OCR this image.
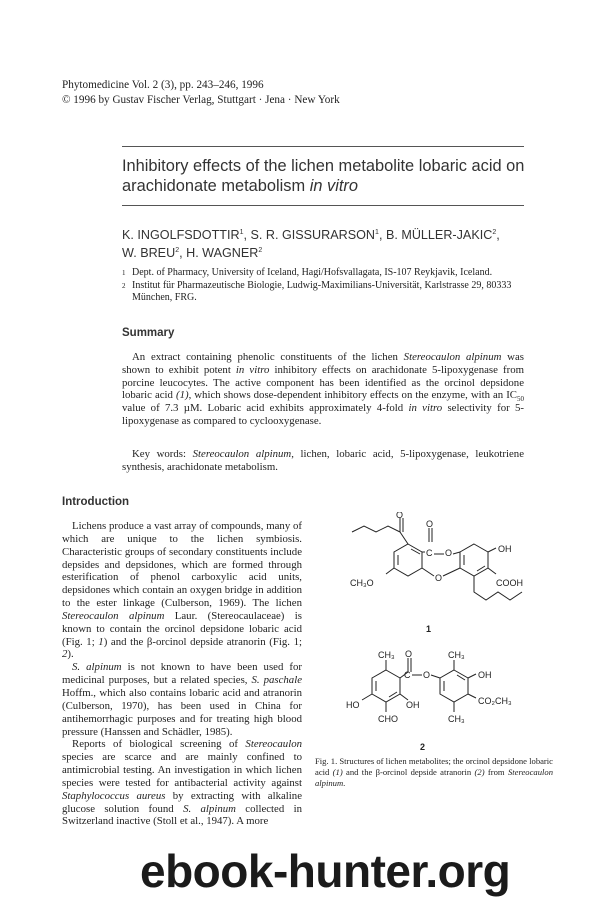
Phytomedicine Vol. 2 (3), pp. 243–246, 1996
© 1996 by Gustav Fischer Verlag, Stuttgart · Jena · New York
Inhibitory effects of the lichen metabolite lobaric acid on arachidonate metabolism in vitro
K. INGOLFSDOTTIR$^1$, S. R. GISSURARSON$^1$, B. MÜLLER-JAKIC$^2$,
W. BREU$^2$, H. WAGNER$^2$
1 Dept. of Pharmacy, University of Iceland, Hagi/Hofsvallagata, IS-107 Reykjavik, Iceland.
2 Institut für Pharmazeutische Biologie, Ludwig-Maximilians-Universität, Karlstrasse 29, 80333 München, FRG.
Summary
An extract containing phenolic constituents of the lichen Stereocaulon alpinum was shown to exhibit potent in vitro inhibitory effects on arachidonate 5-lipoxygenase from porcine leucocytes. The active component has been identified as the orcinol depsidone lobaric acid (1), which shows dose-dependent inhibitory effects on the enzyme, with an $IC_{50}$ value of 7.3 µM. Lobaric acid exhibits approximately 4-fold in vitro selectivity for 5-lipoxygenase as compared to cyclooxygenase.
Key words: Stereocaulon alpinum, lichen, lobaric acid, 5-lipoxygenase, leukotriene synthesis, arachidonate metabolism.
Introduction

Lichens produce a vast array of compounds, many of which are unique to the lichen symbiosis. Characteristic groups of secondary constituents include depsides and depsidones, which are formed through esterification of phenol carboxylic acid units, depsidones which contain an oxygen bridge in addition to the ester linkage (Culberson, 1969). The lichen Stereocaulon alpinum Laur. (Stereocaulaceae) is known to contain the orcinol depsidone lobaric acid (Fig. 1; 1) and the β-orcinol depside atranorin (Fig. 1; 2).

S. alpinum is not known to have been used for medicinal purposes, but a related species, S. paschale Hoffm., which also contains lobaric acid and atranorin (Culberson, 1970), has been used in China for antihemorrhagic purposes and for treating high blood pressure (Hanssen and Schädler, 1985).

Reports of biological screening of Stereocaulon species are scarce and are mainly confined to antimicrobial testing. An investigation in which lichen species were tested for antibacterial activity against Staphylococcus aureus by extracting with alkaline glucose solution found S. alpinum collected in Switzerland inactive (Stoll et al., 1947). A more

O
C
O
O
O
OH
COOH
CH₃O
1
CH₃ O
C O
HO	OH
CHO
CH₃
OH
CO₂CH₃
CH₃
2
Fig. 1. Structures of lichen metabolites; the orcinol depsidone lobaric acid (1) and the β-orcinol depside atranorin (2) from Stereocaulon alpinum.
ebook-hunter.org
